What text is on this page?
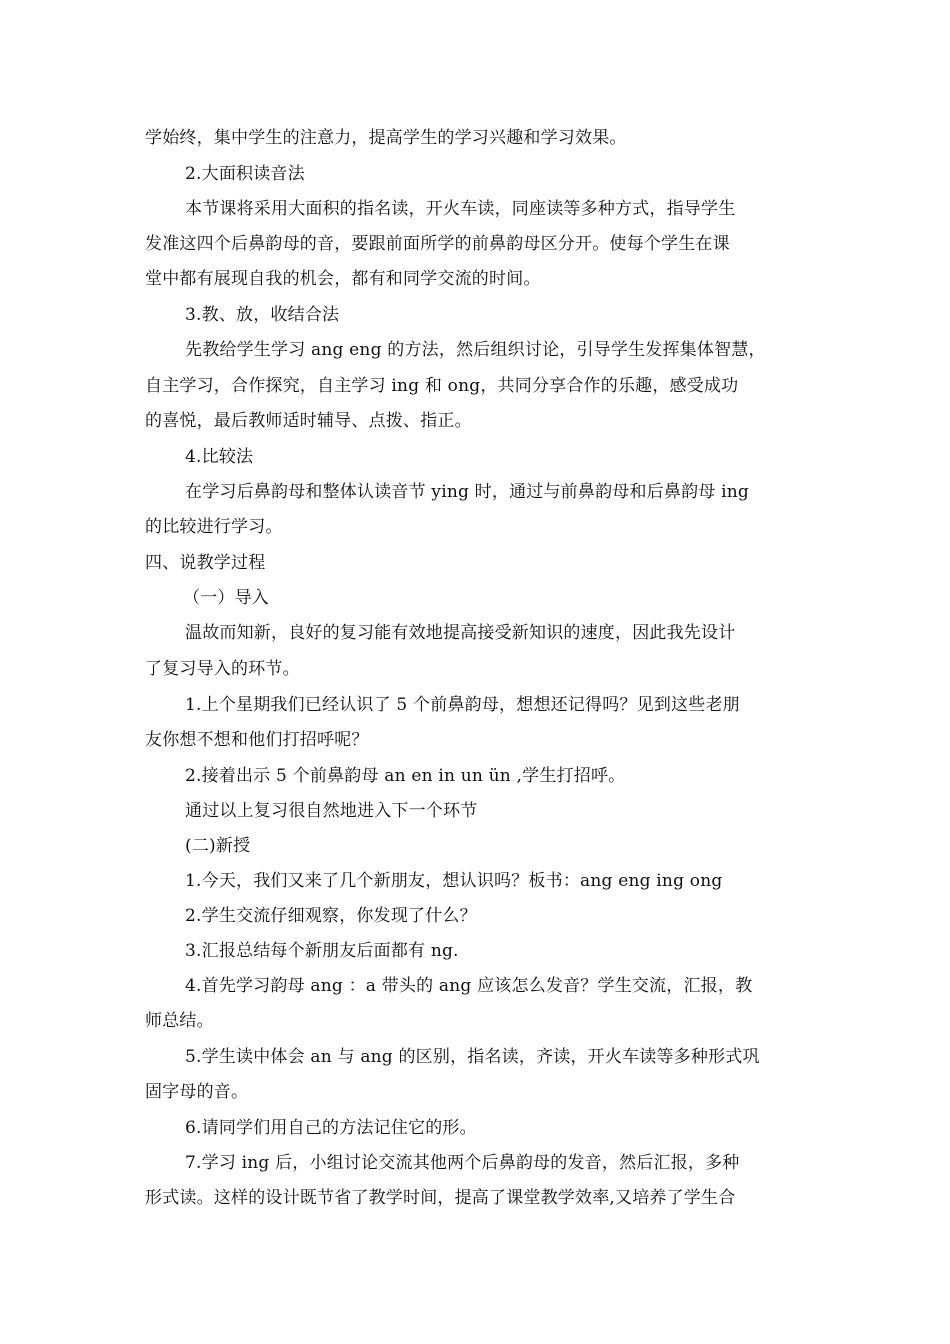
学始终，集中学生的注意力，提高学生的学习兴趣和学习效果。
2.大面积读音法
本节课将采用大面积的指名读，开火车读，同座读等多种方式，指导学生
发准这四个后鼻韵母的音，要跟前面所学的前鼻韵母区分开。使每个学生在课
堂中都有展现自我的机会，都有和同学交流的时间。
3.教、放，收结合法
先教给学生学习 ang eng 的方法，然后组织讨论，引导学生发挥集体智慧，
自主学习，合作探究，自主学习 ing 和 ong，共同分享合作的乐趣，感受成功
的喜悦，最后教师适时辅导、点拨、指正。
4.比较法
在学习后鼻韵母和整体认读音节 ying 时，通过与前鼻韵母和后鼻韵母 ing
的比较进行学习。
四、说教学过程
（一）导入
温故而知新，良好的复习能有效地提高接受新知识的速度，因此我先设计
了复习导入的环节。
1.上个星期我们已经认识了 5 个前鼻韵母，想想还记得吗？见到这些老朋
友你想不想和他们打招呼呢？
2.接着出示 5 个前鼻韵母 an en in un ün ,学生打招呼。
通过以上复习很自然地进入下一个环节
(二)新授
1.今天，我们又来了几个新朋友，想认识吗？板书：ang eng ing ong
2.学生交流仔细观察，你发现了什么？
3.汇报总结每个新朋友后面都有 ng.
4.首先学习韵母 ang ：a 带头的 ang 应该怎么发音？学生交流，汇报，教
师总结。
5.学生读中体会 an 与 ang 的区别，指名读，齐读，开火车读等多种形式巩
固字母的音。
6.请同学们用自己的方法记住它的形。
7.学习 ing 后，小组讨论交流其他两个后鼻韵母的发音，然后汇报，多种
形式读。这样的设计既节省了教学时间，提高了课堂教学效率,又培养了学生合
